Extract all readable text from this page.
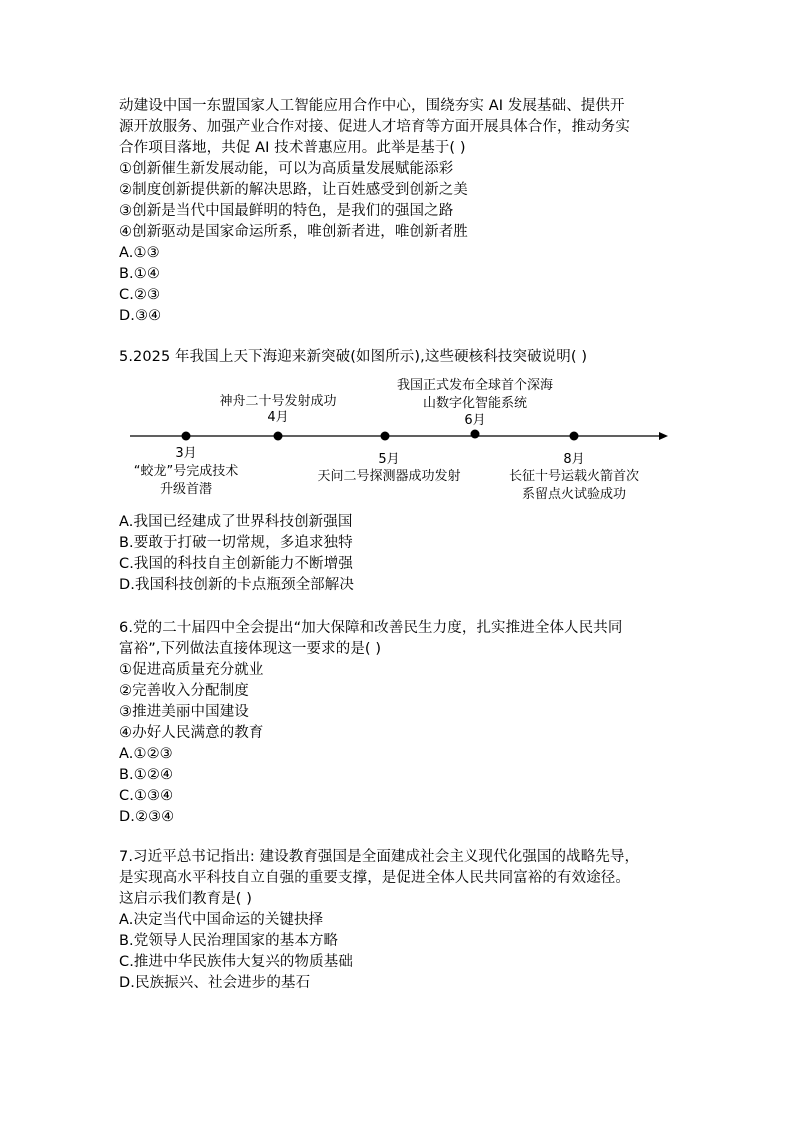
动建设中国一东盟国家人工智能应用合作中心，围绕夯实 AI 发展基础、提供开
源开放服务、加强产业合作对接、促进人才培育等方面开展具体合作，推动务实
合作项目落地，共促 AI 技术普惠应用。此举是基于( )
①创新催生新发展动能，可以为高质量发展赋能添彩
②制度创新提供新的解决思路，让百姓感受到创新之美
③创新是当代中国最鲜明的特色，是我们的强国之路
④创新驱动是国家命运所系，唯创新者进，唯创新者胜
A.①③
B.①④
C.②③
D.③④
5.2025 年我国上天下海迎来新突破(如图所示),这些硬核科技突破说明( )
神舟二十号发射成功
4月
我国正式发布全球首个深海
山数字化智能系统
6月
3月
“蛟龙”号完成技术
升级首潜
5月
天问二号探测器成功发射
8月
长征十号运载火箭首次
系留点火试验成功
A.我国已经建成了世界科技创新强国
B.要敢于打破一切常规，多追求独特
C.我国的科技自主创新能力不断增强
D.我国科技创新的卡点瓶颈全部解决
6.党的二十届四中全会提出“加大保障和改善民生力度，扎实推进全体人民共同
富裕”,下列做法直接体现这一要求的是( )
①促进高质量充分就业
②完善收入分配制度
③推进美丽中国建设
④办好人民满意的教育
A.①②③
B.①②④
C.①③④
D.②③④
7.习近平总书记指出: 建设教育强国是全面建成社会主义现代化强国的战略先导，
是实现高水平科技自立自强的重要支撑，是促进全体人民共同富裕的有效途径。
这启示我们教育是( )
A.决定当代中国命运的关键抉择
B.党领导人民治理国家的基本方略
C.推进中华民族伟大复兴的物质基础
D.民族振兴、社会进步的基石
